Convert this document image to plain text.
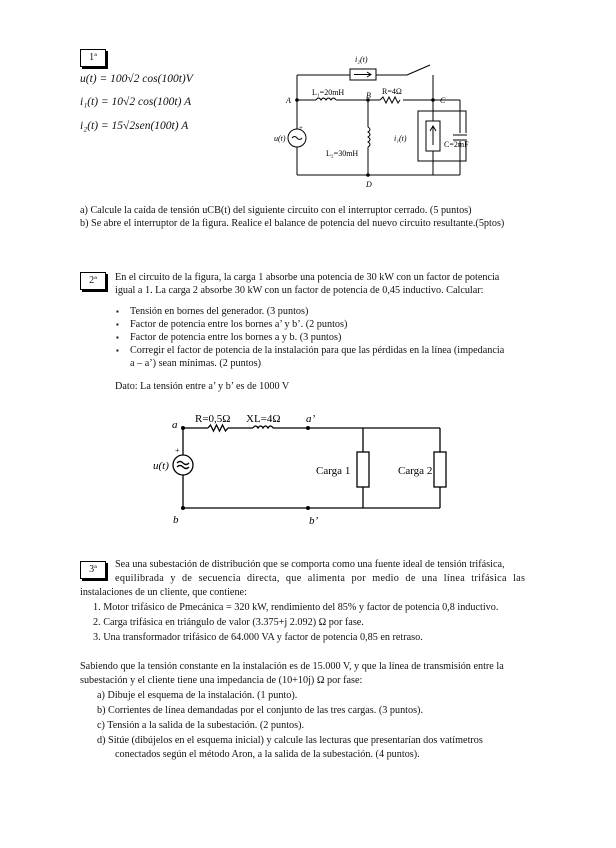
1ª
u(t) = 100√2 cos(100t)V
i₁(t) = 10√2 cos(100t) A
i₂(t) = 15√2sen(100t) A
i₂(t)
u(t)	i₁(t)
A
B
C
D
L₁=20mH	R=4Ω
L₂=30mH
C=2mF
+
a) Calcule la caída de tensión uCB(t) del siguiente circuito con el interruptor cerrado. (5 puntos)
b) Se abre el interruptor de la figura. Realice el balance de potencia del nuevo circuito resultante.(5ptos)
2ª	En el circuito de la figura, la carga 1 absorbe una potencia de 30 kW con un factor de potencia
igual a 1. La carga 2 absorbe 30 kW con un factor de potencia de 0,45 inductivo. Calcular:
▪ Tensión en bornes del generador. (3 puntos)
▪ Factor de potencia entre los bornes a’ y b’. (2 puntos)
▪ Factor de potencia entre los bornes a y b. (3 puntos)
▪ Corregir el factor de potencia de la instalación para que las pérdidas en la línea (impedancia
a – a’) sean mínimas. (2 puntos)
Dato: La tensión entre a’ y b’ es de 1000 V
a	a’
b	b’
R=0,5Ω XL=4Ω
u(t)	Carga 1	Carga 2
+
3ª	Sea una subestación de distribución que se comporta como una fuente ideal de tensión trifásica,
equilibrada y de secuencia directa, que alimenta por medio de una línea trifásica las
instalaciones de un cliente, que contiene:
1. Motor trifásico de Pmecánica = 320 kW, rendimiento del 85% y factor de potencia 0,8 inductivo.
2. Carga trifásica en triángulo de valor (3.375+j 2.092) Ω por fase.
3. Una transformador trifásico de 64.000 VA y factor de potencia 0,85 en retraso.
Sabiendo que la tensión constante en la instalación es de 15.000 V, y que la línea de transmisión entre la
subestación y el cliente tiene una impedancia de (10+10j) Ω por fase:
a) Dibuje el esquema de la instalación. (1 punto).
b) Corrientes de línea demandadas por el conjunto de las tres cargas. (3 puntos).
c) Tensión a la salida de la subestación. (2 puntos).
d) Sitúe (dibújelos en el esquema inicial) y calcule las lecturas que presentarían dos vatímetros
conectados según el método Aron, a la salida de la subestación. (4 puntos).
